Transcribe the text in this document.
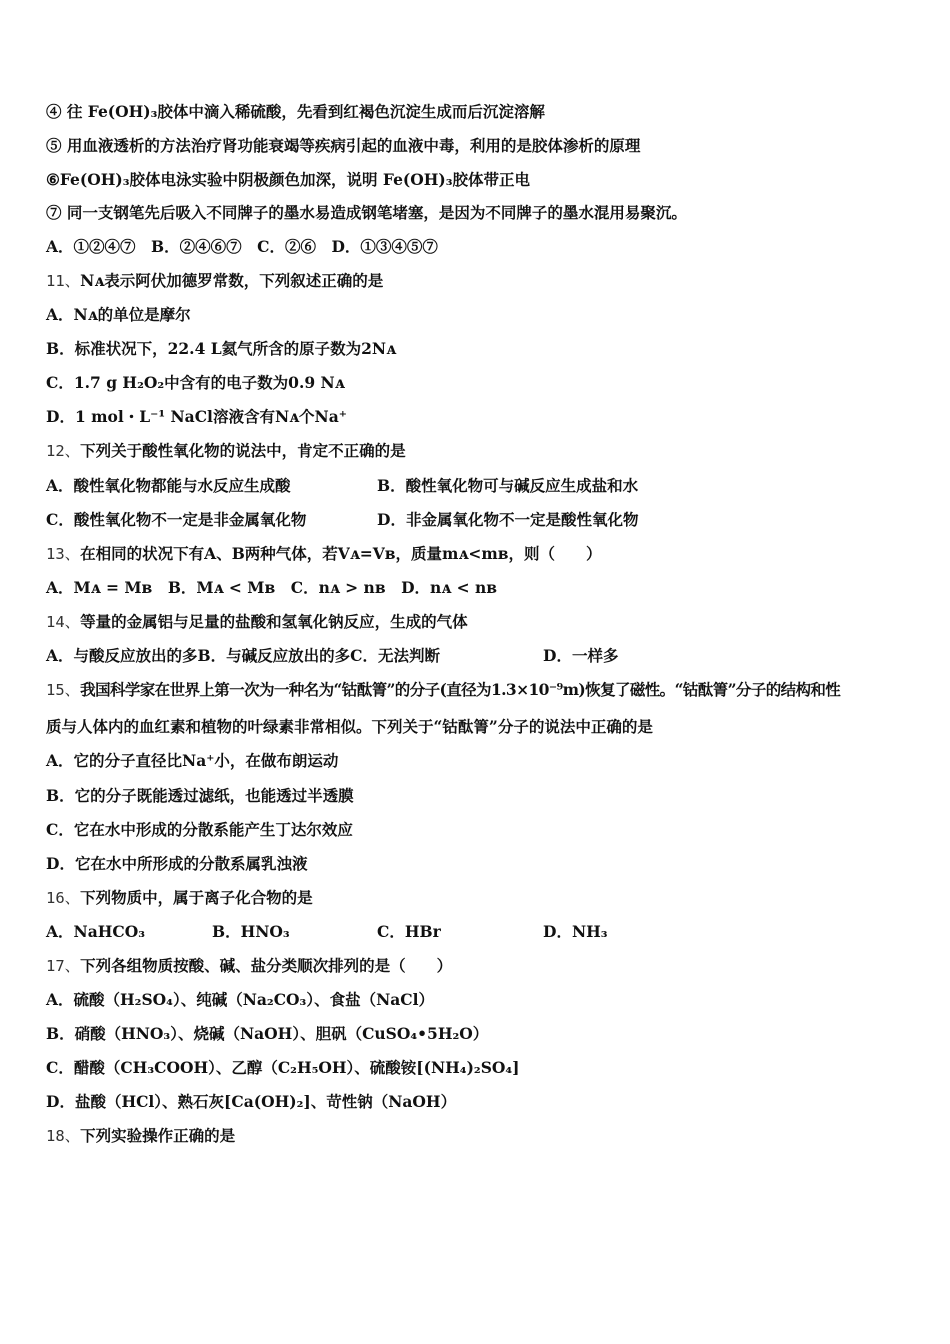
④ 往 Fe(OH)₃胶体中滴入稀硫酸，先看到红褐色沉淀生成而后沉淀溶解
⑤ 用血液透析的方法治疗肾功能衰竭等疾病引起的血液中毒，利用的是胶体渗析的原理
⑥Fe(OH)₃胶体电泳实验中阴极颜色加深，说明 Fe(OH)₃胶体带正电
⑦ 同一支钢笔先后吸入不同牌子的墨水易造成钢笔堵塞，是因为不同牌子的墨水混用易聚沉。
A．①②④⑦　B．②④⑥⑦　C．②⑥　D．①③④⑤⑦
11、Nᴀ表示阿伏加德罗常数，下列叙述正确的是
A．Nᴀ的单位是摩尔
B．标准状况下，22.4 L氦气所含的原子数为2Nᴀ
C．1.7 g H₂O₂中含有的电子数为0.9 Nᴀ
D．1 mol・L⁻¹ NaCl溶液含有Nᴀ个Na⁺
12、下列关于酸性氧化物的说法中，肯定不正确的是
A．酸性氧化物都能与水反应生成酸	B．酸性氧化物可与碱反应生成盐和水
C．酸性氧化物不一定是非金属氧化物	D．非金属氧化物不一定是酸性氧化物
13、在相同的状况下有A、B两种气体，若Vᴀ=Vʙ，质量mᴀ<mʙ，则（　　）
A．Mᴀ = Mʙ　B．Mᴀ < Mʙ　C．nᴀ > nʙ　D．nᴀ < nʙ
14、等量的金属铝与足量的盐酸和氢氧化钠反应，生成的气体
A．与酸反应放出的多B．与碱反应放出的多C．无法判断	D．一样多
15、我国科学家在世界上第一次为一种名为“钴酞箐”的分子(直径为1.3×10⁻⁹m)恢复了磁性。“钴酞箐”分子的结构和性
质与人体内的血红素和植物的叶绿素非常相似。下列关于“钴酞箐”分子的说法中正确的是
A．它的分子直径比Na⁺小，在做布朗运动
B．它的分子既能透过滤纸，也能透过半透膜
C．它在水中形成的分散系能产生丁达尔效应
D．它在水中所形成的分散系属乳浊液
16、下列物质中，属于离子化合物的是
A．NaHCO₃	B．HNO₃	C．HBr	D．NH₃
17、下列各组物质按酸、碱、盐分类顺次排列的是（　　）
A．硫酸（H₂SO₄）、纯碱（Na₂CO₃）、食盐（NaCl）
B．硝酸（HNO₃）、烧碱（NaOH）、胆矾（CuSO₄•5H₂O）
C．醋酸（CH₃COOH）、乙醇（C₂H₅OH）、硫酸铵[(NH₄)₂SO₄]
D．盐酸（HCl）、熟石灰[Ca(OH)₂]、苛性钠（NaOH）
18、下列实验操作正确的是
